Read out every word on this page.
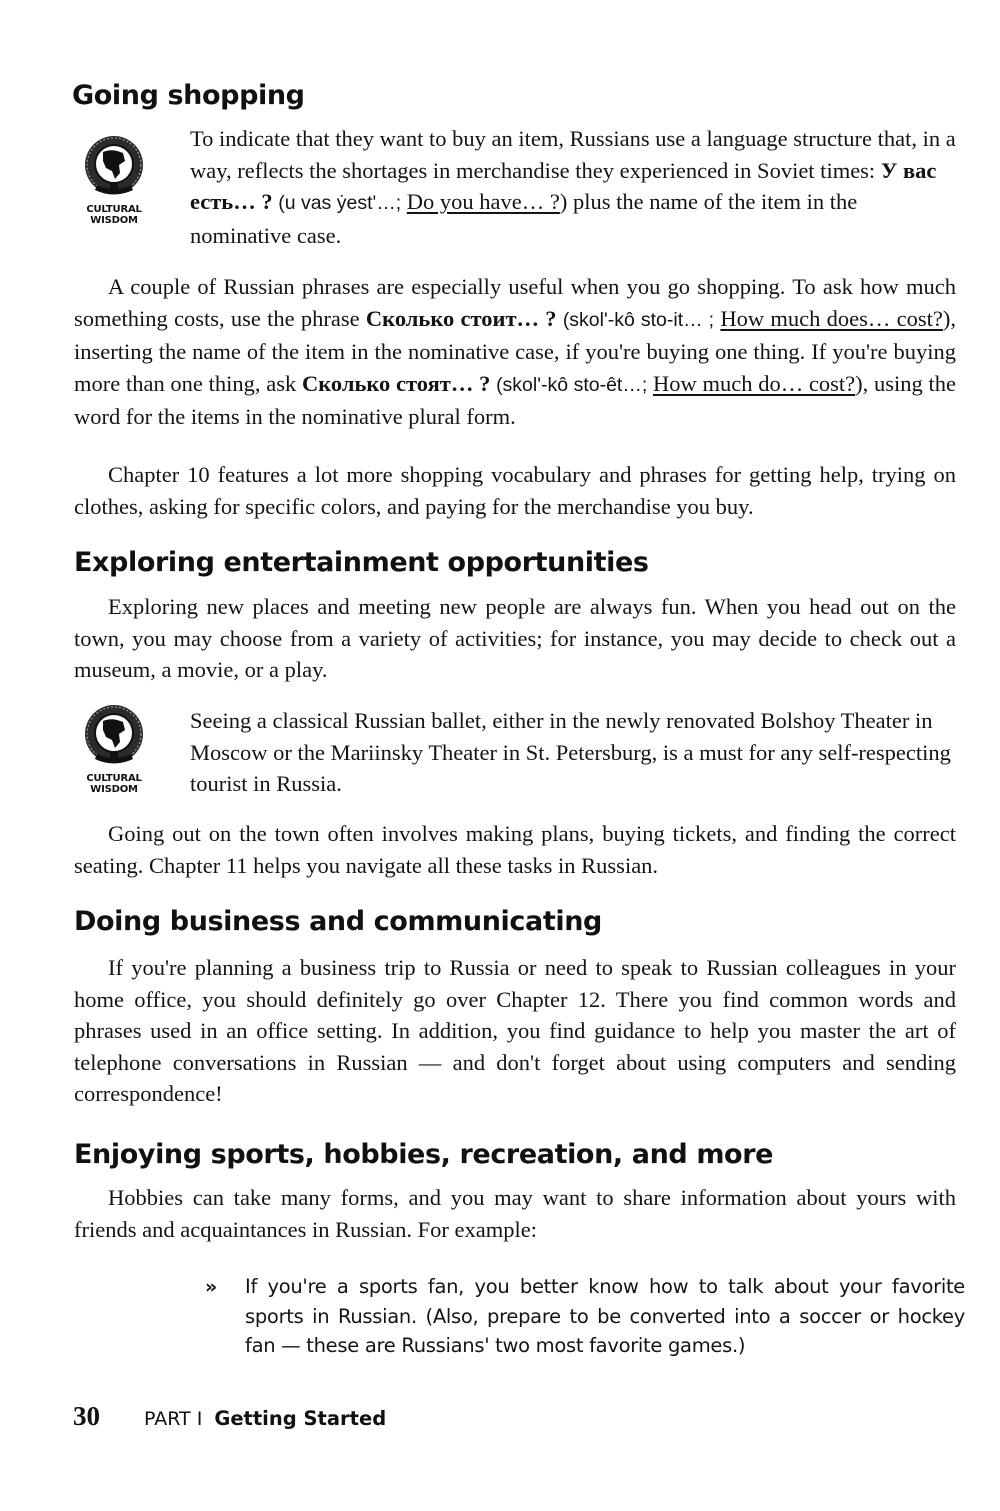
Going shopping
CULTURAL
WISDOM

To indicate that they want to buy an item, Russians use a language structure that, in a way, reflects the shortages in merchandise they experienced in Soviet times: У вас есть… ? (u vas ẏest'…; Do you have… ?) plus the name of the item in the nominative case.

A couple of Russian phrases are especially useful when you go shopping. To ask how much something costs, use the phrase Сколько стоит… ? (skol'-kô sto-it… ; How much does… cost?), inserting the name of the item in the nominative case, if you're buying one thing. If you're buying more than one thing, ask Сколько стоят… ? (skol'-kô sto-êt…; How much do… cost?), using the word for the items in the nominative plural form.

Chapter 10 features a lot more shopping vocabulary and phrases for getting help, trying on clothes, asking for specific colors, and paying for the merchandise you buy.

Exploring entertainment opportunities

Exploring new places and meeting new people are always fun. When you head out on the town, you may choose from a variety of activities; for instance, you may decide to check out a museum, a movie, or a play.

CULTURAL
WISDOM

Seeing a classical Russian ballet, either in the newly renovated Bolshoy Theater in Moscow or the Mariinsky Theater in St. Petersburg, is a must for any self-respecting tourist in Russia.

Going out on the town often involves making plans, buying tickets, and finding the correct seating. Chapter 11 helps you navigate all these tasks in Russian.

Doing business and communicating

If you're planning a business trip to Russia or need to speak to Russian colleagues in your home office, you should definitely go over Chapter 12. There you find common words and phrases used in an office setting. In addition, you find guidance to help you master the art of telephone conversations in Russian — and don't forget about using computers and sending correspondence!

Enjoying sports, hobbies, recreation, and more

Hobbies can take many forms, and you may want to share information about yours with friends and acquaintances in Russian. For example:

» If you're a sports fan, you better know how to talk about your favorite sports in Russian. (Also, prepare to be converted into a soccer or hockey fan — these are Russians' two most favorite games.)

30 PART I Getting Started
